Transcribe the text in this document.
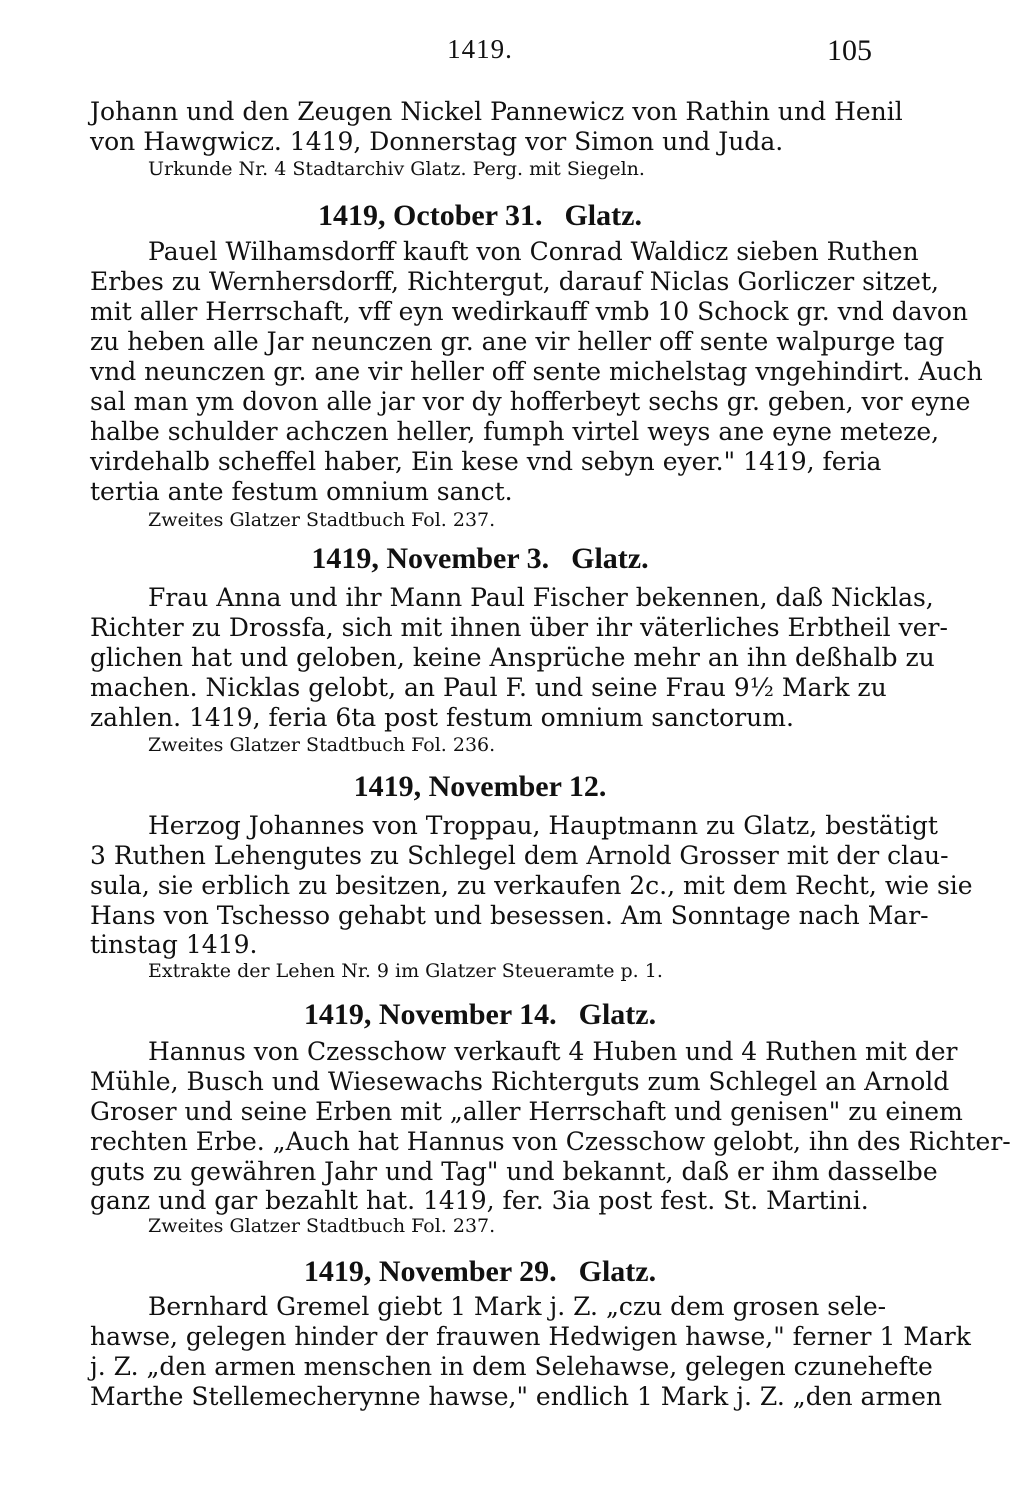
1419.	105
Johann und den Zeugen Nickel Pannewicz von Rathin und Henil
von Hawgwicz. 1419, Donnerstag vor Simon und Juda.
Urkunde Nr. 4 Stadtarchiv Glatz. Perg. mit Siegeln.
1419, October 31. Glatz.
Pauel Wilhamsdorff kauft von Conrad Waldicz sieben Ruthen
Erbes zu Wernhersdorff, Richtergut, darauf Niclas Gorliczer sitzet,
mit aller Herrschaft, vff eyn wedirkauff vmb 10 Schock gr. vnd davon
zu heben alle Jar neunczen gr. ane vir heller off sente walpurge tag
vnd neunczen gr. ane vir heller off sente michelstag vngehindirt. Auch
sal man ym dovon alle jar vor dy hofferbeyt sechs gr. geben, vor eyne
halbe schulder achczen heller, fumph virtel weys ane eyne meteze,
virdehalb scheffel haber, Ein kese vnd sebyn eyer." 1419, feria
tertia ante festum omnium sanct.
Zweites Glatzer Stadtbuch Fol. 237.
1419, November 3. Glatz.
Frau Anna und ihr Mann Paul Fischer bekennen, daß Nicklas,
Richter zu Drossfa, sich mit ihnen über ihr väterliches Erbtheil ver-
glichen hat und geloben, keine Ansprüche mehr an ihn deßhalb zu
machen. Nicklas gelobt, an Paul F. und seine Frau 9½ Mark zu
zahlen. 1419, feria 6ta post festum omnium sanctorum.
Zweites Glatzer Stadtbuch Fol. 236.
1419, November 12.
Herzog Johannes von Troppau, Hauptmann zu Glatz, bestätigt
3 Ruthen Lehengutes zu Schlegel dem Arnold Grosser mit der clau-
sula, sie erblich zu besitzen, zu verkaufen 2c., mit dem Recht, wie sie
Hans von Tschesso gehabt und besessen. Am Sonntage nach Mar-
tinstag 1419.
Extrakte der Lehen Nr. 9 im Glatzer Steueramte p. 1.
1419, November 14. Glatz.
Hannus von Czesschow verkauft 4 Huben und 4 Ruthen mit der
Mühle, Busch und Wiesewachs Richterguts zum Schlegel an Arnold
Groser und seine Erben mit „aller Herrschaft und genisen" zu einem
rechten Erbe. „Auch hat Hannus von Czesschow gelobt, ihn des Richter-
guts zu gewähren Jahr und Tag" und bekannt, daß er ihm dasselbe
ganz und gar bezahlt hat. 1419, fer. 3ia post fest. St. Martini.
Zweites Glatzer Stadtbuch Fol. 237.
1419, November 29. Glatz.
Bernhard Gremel giebt 1 Mark j. Z. „czu dem grosen sele-
hawse, gelegen hinder der frauwen Hedwigen hawse," ferner 1 Mark
j. Z. „den armen menschen in dem Selehawse, gelegen czunehefte
Marthe Stellemecherynne hawse," endlich 1 Mark j. Z. „den armen
